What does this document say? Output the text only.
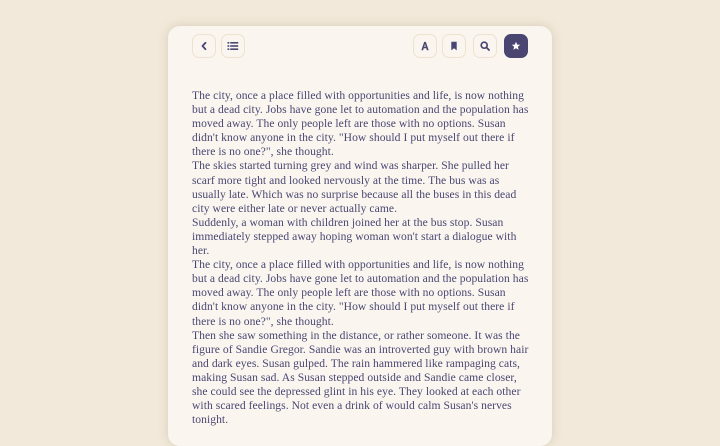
The city, once a place filled with opportunities and life, is now nothing but a dead city. Jobs have gone let to automation and the population has moved away. The only people left are those with no options. Susan didn't know anyone in the city. "How should I put myself out there if there is no one?", she thought.

The skies started turning grey and wind was sharper. She pulled her scarf more tight and looked nervously at the time. The bus was as usually late. Which was no surprise because all the buses in this dead city were either late or never actually came.

Suddenly, a woman with children joined her at the bus stop. Susan immediately stepped away hoping woman won't start a dialogue with her.

The city, once a place filled with opportunities and life, is now nothing but a dead city. Jobs have gone let to automation and the population has moved away. The only people left are those with no options. Susan didn't know anyone in the city. "How should I put myself out there if there is no one?", she thought.

Then she saw something in the distance, or rather someone. It was the figure of Sandie Gregor. Sandie was an introverted guy with brown hair and dark eyes. Susan gulped. The rain hammered like rampaging cats, making Susan sad. As Susan stepped outside and Sandie came closer, she could see the depressed glint in his eye. They looked at each other with scared feelings. Not even a drink of would calm Susan's nerves tonight.
